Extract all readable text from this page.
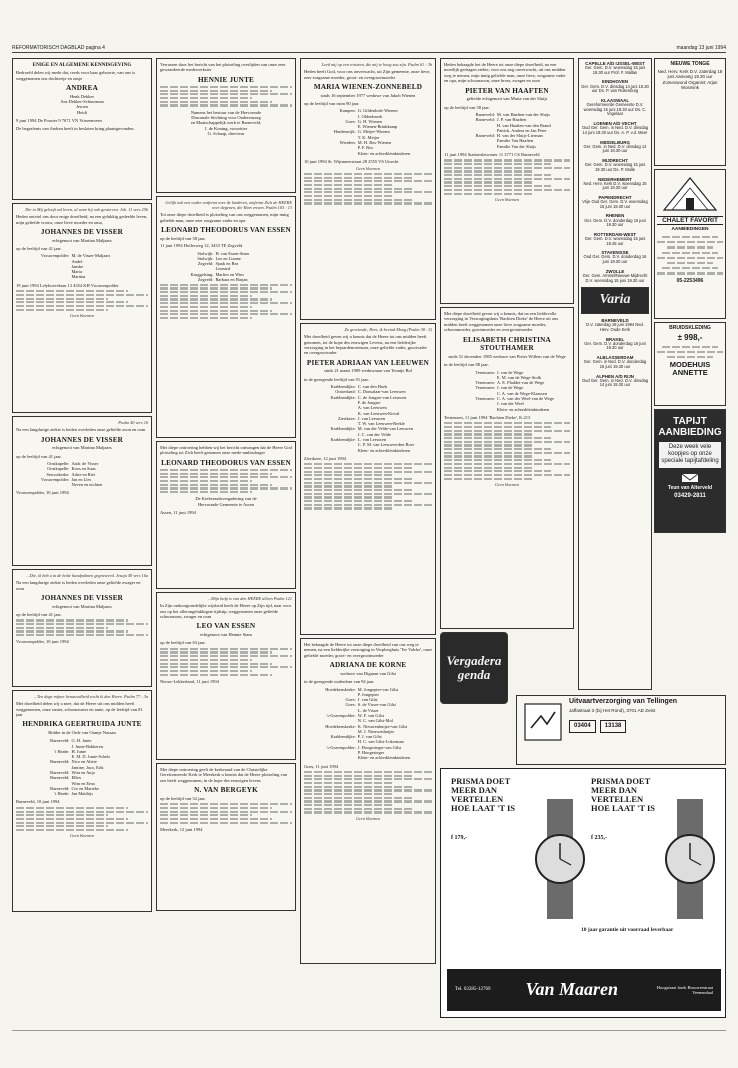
REFORMATORISCH DAGBLAD pagina 4	maandag 13 juni 1994
ENIGE EN ALGEMENE KENNISGEVING

Bedroefd delen wij mede dat, reeds voor haar geboorte, van ons is weggenomen ons dochtertje en zusje

ANDREA
Henk Dekker
Ans Dekker-Schuurman
Jeroen
Heidi

9 juni 1994 De Poorter 9 7671 VN Vriezenveen

De begrafenis van Andrea heeft in besloten kring plaatsgevonden.

Die in Mij gelooft zal leven, al ware hij ook gestorven. Joh. 11 vers 25b

Heden ontviel ons door enige droefheid, na een gelukkig gedeelde leven, mijn geliefde vrouw, onze lieve moeder en oma,

JOHANNES DE VISSER
echtgenoot van Martina Maljaars

op de leeftijd van 41 jaar.

Vrouwenpolder: M. de Visser-Maljaars
André
Janske
Maria
Martina

19 juni 1994 Lelyhoevelaan 13 4354 KH Vrouwenpolder

Geen bloemen
Psalm 40 vers 16

Na een langdurige ziekte is heden overleden onze geliefde zoon en oom

JOHANNES DE VISSER
echtgenoot van Martina Maljaars

op de leeftijd van 41 jaar.

Oostkapelle: Aadr. de Visser
Oostkapelle: Koos en Suus
Serooskerke: Adrie en Riet
Vrouwenpolder: Jan en Lies
Neven en nichten

Vrouwenpolder, 10 juni 1994

...Die, ik heb u in de holte handpalmen gegraveerd. Jesaja 49 vers 16a

Na een langdurige ziekte is heden overleden onze geliefde zwager en oom

JOHANNES DE VISSER
echtgenoot van Martina Maljaars

op de leeftijd van 41 jaar.

Vrouwenpolder, 10 juni 1994

...Ten dage mijner benauwdheid zocht ik den Heere. Psalm 77 : 3a

Met droefheid delen wij u mee, dat de Heere uit ons midden heeft weggenomen, onze zuster, schoonzuster en tante, op de leeftijd van 81 jaar

HENDRIKA GEERTRUIDA JUNTE
Ridder in de Orde van Oranje Nassau
Barneveld: G. H. Junte
J. Junte-Bakkeren
't Harde: H. Junte
E. M. D. Junte-Schols
Barneveld: Nico en Alette
Jantine, Jaco, Erik
Barneveld: Wim en Anja
Barneveld: Ellen
Wim en Erna
Barneveld: Cor en Marieke
't Harde: Jan Matthijs

Barneveld, 10 juni 1994

Geen bloemen

Verrassen door het bericht van het plotseling overlijden van onze zeer gewaardeerde medewerkster

HENNIE JUNTE
Namens het bestuur van de Hervormde
Diaconale Stichting voor Ouderenzorg
en Maatschappelijk werk te Barneveld,
J. de Koning, voorzitter
G. Schaap, directeur
Gelijk ook een ouder ontfermt over de kinderen, ontfermt Zich de HEERE over degenen, die Hem vrezen. Psalm 103 : 13

Tot onze diepe droefheid is plotseling van ons weggenomen, mijn innig geliefde man, onze zeer zorgzame vader en opa

LEONARD THEODORUS VAN ESSEN

op de leeftijd van 58 jaar.

11 juni 1994 Hoflerweg 12, 3433 TE Zegveld

Stolwijk: H. van Essen-Stam
Stolwijk: Leo en Lianne
Zegveld: Sjaak en Bea
Leonard
Kruggelsing: Marlies en Wim
Zegveld: Barbara en Harjan

Met diepe ontroering hebben wij het bericht ontvangen dat de Heere God plotseling tot Zich heeft genomen onze mede-ambtsdrager

LEONARD THEODORUS VAN ESSEN
De Kerkeraadsvergadering van de
Hervormde Gemeente te Assen

Assen, 11 juni 1994

...Mijn hulp is van den HEERE alleen Psalm 121

In Zijn ondoorgrondelijke wijsheid heeft de Heere op Zijn tijd, naar voor ons op het allerongelukkigste tijdstip, weggenomen onze geliefde schoonzoon, zwager en oom

LEO VAN ESSEN
echtgenoot van Hennie Stam

op de leeftijd van 63 jaar.

Nieuw-Lekkerland, 11 juni 1994

Met diepe ontroering geeft de kerkeraad van de Christelijke Gereformeerde Kerk te Meerkerk u kennis dat de Heere plotseling van ons heeft weggenomen, in de hope des eeuwigen levens

N. VAN BERGEYK

op de leeftijd van 52 jaar.

Meerkerk, 12 juni 1994

Leed mij op een rotsteen, die mij te hoog zou zijn. Psalm 61 : 3b

Heden heeft God, voor ons onverwacht, uit Zijn gemeente, onze lieve, zeer zorgzame moeder, groot- en overgrootmoeder

MARIA WIENEN-ZONNEBELD
sinds 16 september 1977 weduwe van Jakob Wienen

op de leeftijd van ruim 90 jaar.

Kampen: G. Gildenloek-Wienen
J. Oldenbroek
Goes: G. H. Wienen
E. Wienen-Brinkkamp
Hardenwijk: G. Meijer-Wienen
T. K. Meijer
Wierden: M. H. Bos-Wienen
P. F. Bos
Klein- en achterkleinkinderen

10 juni 1994 St. Wijnmeerstraat 28 2555 VS Utrecht

Geen bloemen
Zo geveinsde, Heer, ik bevind Mong (Psalm 38 : 5)

Met droefheid geven wij u kennis dat de Heere tot ons midden heeft genomen, tot de hope des eeuwigen Levens, na een liefderijke verzorging in het bejaardencentrum, onze geliefde vader, grootvader en overgrootvader

PIETER ADRIAAN VAN LEEUWEN
sinds 21 maart 1989 weduwnaar van Teuntje Bol

in de gezegende leeftijd van 91 jaar.

Krabbendijke: C. van den Hoek
Oosterland: C. Donsalaar-van Leeuwen
Krabbendijke: C. de Jongste-van Leeuwen
F. de Jongste
A. van Leeuwen
K. van Leeuwen-Kirval
Zierikzee: J. van Leeuwen
T. W. van Leeuwen-Brekle
Krabbendijke: M. van der Velde-van Leeuwen
J. C. van der Velde
Krabbendijke: L. van Leeuwen
C. P. M. van Leeuwen-den Boer
Klein- en achterkleinkinderen

Zierikzee, 12 juni 1994

Het behaagde de Heere tot onze diepe droefheid van ons weg te nemen, na een liefderijke verzorging in Verpleeghuis 'Ter Valcke', onze geliefde moeder, groot- en overgrootmoeder

ADRIANA DE KORNE
weduwe van Digman van Gilst

in de gezegende ouderdom van 94 jaar.

Hoedekenskerke: M. Jongepier-van Gilst
P. Jongepier
Goes: J. van Gilst
Goes: S. de Visser-van Gilst
L. de Visser
's-Gravenpolder: W. F. van Gilst
N. C. van Gilst-Mol
Hoedekenskerke: K. Nieuwenhuijze-van Gilst
M. J. Nieuwenhuijze
Krabbendijke: P. J. van Gilst
H. C. van Gilst-Lokerman
's-Gravenpolder: J. Hoogesteger-van Gilst
P. Hoogesteger
Klein- en achterkleinkinderen

Goes, 11 juni 1994

Geen bloemen

Heden behaagde het de Heere tot onze diepe droefheid, na een moeilijk gedragen ziekte, voor ons nog onverwacht, uit ons midden weg te nemen, mijn innig geliefde man, onze lieve, zorgzame vader en opa, mijn schoonzoon, onze broer, zwager en oom

PIETER VAN HAAFTEN
geliefde echtgenoot van Maria van der Sluijs

op de leeftijd van 58 jaar.

Barneveld: M. van Haaften-van der Sluijs
Barneveld: J. P. van Haaften
H. van Haaften-van den Brand
Patrick, Andrea en Jan Peter
Barneveld: H. van der Sluijs-Lierman
Familie Van Haaften
Familie Van der Sluijs

11 juni 1994 Stationsbewoner 11 3771 CS Barneveld

Geen bloemen

Met diepe droefheid geven wij u kennis, dat na een liefdevolle verzorging in Verzorgingshuis 'Bachten Dieke' de Heere uit ons midden heeft weggenomen onze lieve zorgzame moeder, schoonmoeder, grootmoeder en overgrootmoeder

ELISABETH CHRISTINA STOUTHAMER
sinds 31 december 1985 weduwe van Pieter Willem van de Wege

in de leeftijd van 88 jaar.

Terneuzen: J. van de Wege
E. M. van de Wege-Stolk
Terneuzen: A. E. Pladdet-van de Wege
Terneuzen: J. van de Wege
C. A. van de Wege-Klaassen
Terneuzen: C. A. van der Weel-van de Wege
J. van der Weel
Klein- en achterkleinkinderen

Terneuzen, 11 juni 1994 'Bachten Dieke', K.213

Geen bloemen
Vergaderagenda
CAPELLE A/D IJSSEL-WEST
Ger. Gem. D.V. woensdag 15 juni 19.30 uur Prof. F. Mallan
EINDHOVEN
Ger. Gem. D.V. dinsdag 14 juni 19.30 uur Ds. P. van Ruitenburg
KLAASWAAL
Gereformeerde Gemeente D.V. woensdag 15 juni 19.30 uur Ds. C. Vogelaar
LOENEN A/D VECHT
Oud Ger. Gem. in Ned. D.V. dinsdag 14 juni 19.30 uur Ds. A. P. v.d. Meer
MIDDELBURG
Ger. Gem. in Ned. D.V. dinsdag 14 juni 19.30 uur
MIJDRECHT
Ger. Gem. D.V. woensdag 15 juni 19.30 uur Ds. P. Mulle
NEDERHEMERT
Ned. Herv. Kerk D.V. woensdag 15 juni 19.30 uur
PAPENDRECHT
Vrije Oud Ger. Gem. D.V. woensdag 15 juni 19.30 uur
RHENEN
Ger. Gem. D.V. donderdag 16 juni 19.30 uur
ROTTERDAM-WEST
Ger. Gem. D.V. woensdag 15 juni 19.45 uur
STAVENISSE
Oud Ger. Gem. D.V. donderdag 16 juni 19.30 uur
ZWOLLE
Ger. Gem. Amstel/Nieuwe Mijdrecht D.V. woensdag 15 juni 19.30 uur
Varia
BARNEVELD
D.V. zaterdag 18 juni 1994 Ned. Herv. Oude Kerk
BRAKEL
Ger. Gem. D.V. donderdag 16 juni 19.30 uur
ALBLASSERDAM
Ger. Gem. in Ned. D.V. donderdag 16 juni 19.30 uur
ALPHEN A/D RIJN
Oud Ger. Gem. in Ned. D.V. dinsdag 14 juni 19.30 uur
NIEUWE TONGE
Ned. Herv. Kerk D.V. zaterdag 18 juni Aanvang 19.30 uur Zomeravond Organist: Arjan Wosmink
CHALET FAVORIT
AANBIEDINGEN
05-2253496
BRUIDSKLEDING
± 998,-
MODEHUIS ANNETTE
TAPIJT AANBIEDING
Deze week vele koopjes op onze speciale tapijtafdeling
Teun van Alterveld
03429-2811
Uitvaartverzorging van Tellingen
Jaffastraat 3 (bij Het Rond), 3701 AD Zeist
03404	13138
PRISMA DOET
MEER DAN
VERTELLEN
HOE LAAT 'T IS
f 179,-
PRISMA DOET
MEER DAN
VERTELLEN
HOE LAAT 'T IS
f 235,-
10 jaar garantie uit voorraad leverbaar
Tel. 03285-12769 Van Maaren	Hoogstraat hoek Brouwerstraat Veenendaal
